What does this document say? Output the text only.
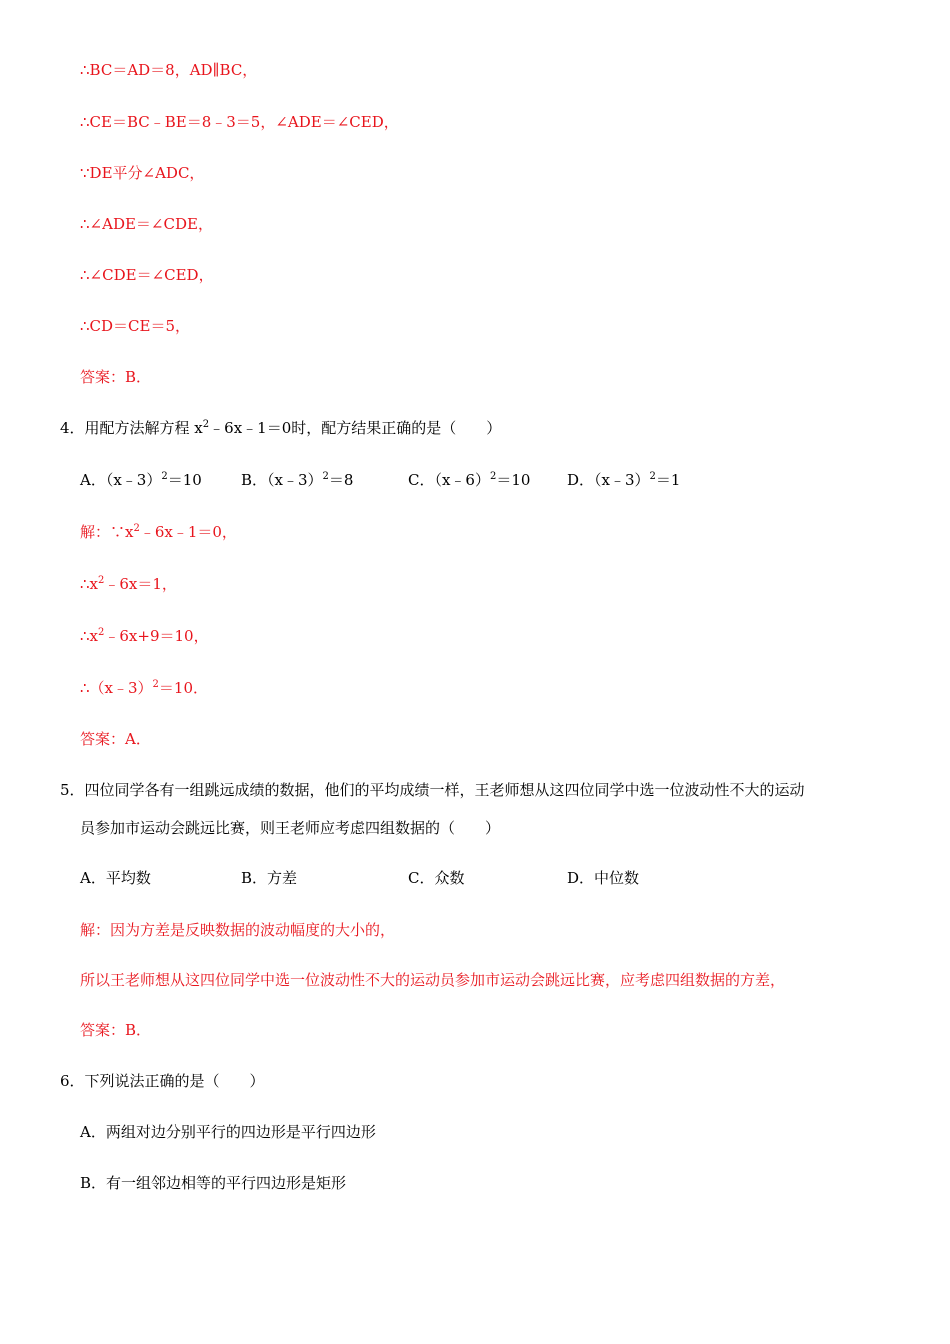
∴BC＝AD＝8，AD∥BC，
∴CE＝BC﹣BE＝8﹣3＝5，∠ADE＝∠CED，
∵DE平分∠ADC，
∴∠ADE＝∠CDE，
∴∠CDE＝∠CED，
∴CD＝CE＝5，
答案：B．
4．用配方法解方程 $x^2﹣6x﹣1=0$时，配方结果正确的是（　　）
A．（x﹣3）$^2$＝10	B．（x﹣3）$^2$＝8	C．（x﹣6）$^2$＝10 D．（x﹣3）$^2$＝1
解：$\because x^2﹣6x﹣1=0$，
$\therefore x^2﹣6x=1$，
$\therefore x^2﹣6x+9=10$，
∴（x﹣3）$^2$＝10．
答案：A．
5．四位同学各有一组跳远成绩的数据，他们的平均成绩一样，王老师想从这四位同学中选一位波动性不大的运动
员参加市运动会跳远比赛，则王老师应考虑四组数据的（　　）
A．平均数	B．方差	C．众数	D．中位数
解：因为方差是反映数据的波动幅度的大小的，
所以王老师想从这四位同学中选一位波动性不大的运动员参加市运动会跳远比赛，应考虑四组数据的方差，
答案：B．
6．下列说法正确的是（　　）
A．两组对边分别平行的四边形是平行四边形
B．有一组邻边相等的平行四边形是矩形
